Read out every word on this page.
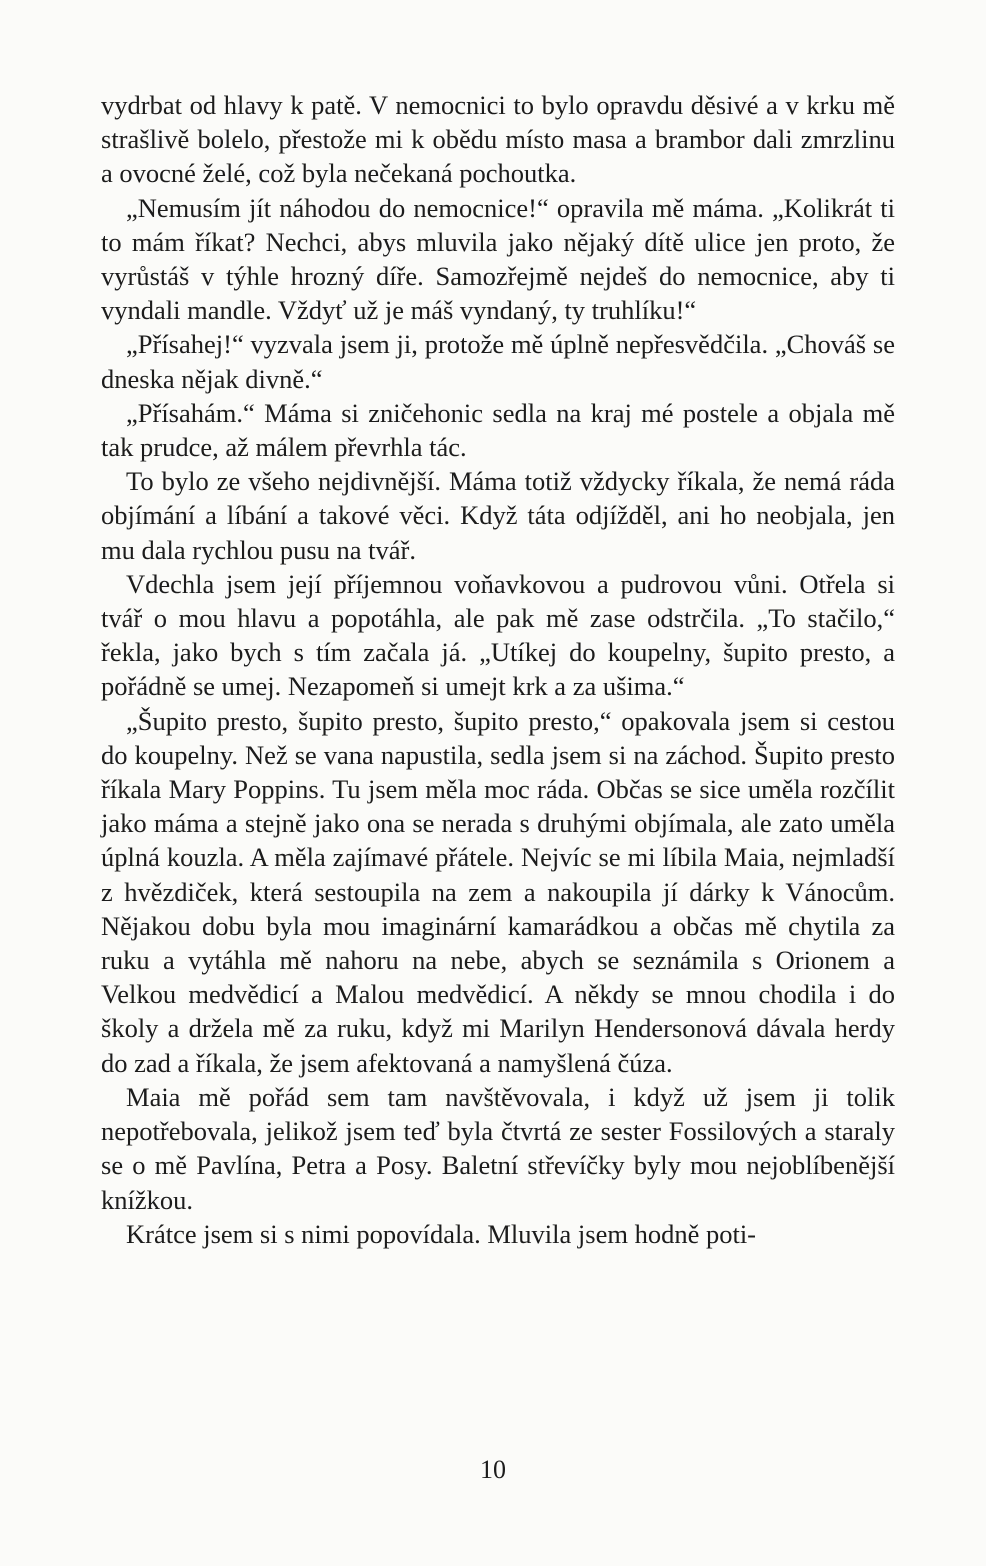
vydrbat od hlavy k patě. V nemocnici to bylo opravdu děsivé a v krku mě strašlivě bolelo, přestože mi k obědu místo masa a brambor dali zmrzlinu a ovocné želé, což byla nečekaná pochoutka.

„Nemusím jít náhodou do nemocnice!“ opravila mě máma. „Kolikrát ti to mám říkat? Nechci, abys mluvila jako nějaký dítě ulice jen proto, že vyrůstáš v týhle hrozný díře. Samozřejmě nejdeš do nemocnice, aby ti vyndali mandle. Vždyť už je máš vyndaný, ty truhlíku!“

„Přísahej!“ vyzvala jsem ji, protože mě úplně nepřesvědčila. „Chováš se dneska nějak divně.“

„Přísahám.“ Máma si zničehonic sedla na kraj mé postele a objala mě tak prudce, až málem převrhla tác.

To bylo ze všeho nejdivnější. Máma totiž vždycky říkala, že nemá ráda objímání a líbání a takové věci. Když táta odjížděl, ani ho neobjala, jen mu dala rychlou pusu na tvář.

Vdechla jsem její příjemnou voňavkovou a pudrovou vůni. Otřela si tvář o mou hlavu a popotáhla, ale pak mě zase odstrčila. „To stačilo,“ řekla, jako bych s tím začala já. „Utíkej do koupelny, šupito presto, a pořádně se umej. Nezapomeň si umejt krk a za ušima.“

„Šupito presto, šupito presto, šupito presto,“ opakovala jsem si cestou do koupelny. Než se vana napustila, sedla jsem si na záchod. Šupito presto říkala Mary Poppins. Tu jsem měla moc ráda. Občas se sice uměla rozčílit jako máma a stejně jako ona se nerada s druhými objímala, ale zato uměla úplná kouzla. A měla zajímavé přátele. Nejvíc se mi líbila Maia, nejmladší z hvězdiček, která sestoupila na zem a nakoupila jí dárky k Vánocům. Nějakou dobu byla mou imaginární kamarádkou a občas mě chytila za ruku a vytáhla mě nahoru na nebe, abych se seznámila s Orionem a Velkou medvědicí a Malou medvědicí. A někdy se mnou chodila i do školy a držela mě za ruku, když mi Marilyn Hendersonová dávala herdy do zad a říkala, že jsem afektovaná a namyšlená čúza.

Maia mě pořád sem tam navštěvovala, i když už jsem ji tolik nepotřebovala, jelikož jsem teď byla čtvrtá ze sester Fossilových a staraly se o mě Pavlína, Petra a Posy. Baletní střevíčky byly mou nejoblíbenější knížkou.

Krátce jsem si s nimi popovídala. Mluvila jsem hodně poti-

10
